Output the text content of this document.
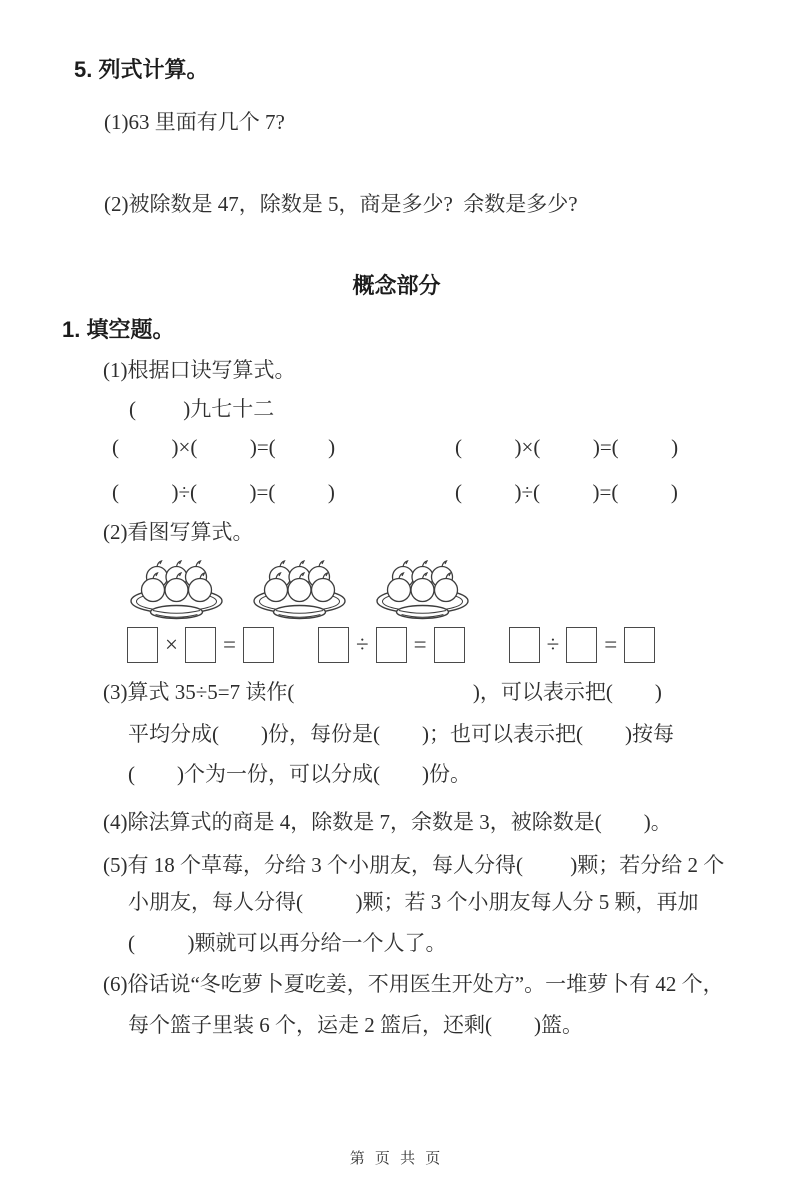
5. 列式计算。
(1)63 里面有几个 7?
(2)被除数是 47，除数是 5，商是多少?  余数是多少?
概念部分
1. 填空题。
(1)根据口诀写算式。
(         )九七十二
(          )×(          )=(          )	(          )×(          )=(          )
(          )÷(          )=(          )	(          )÷(          )=(          )
(2)看图写算式。
× =	÷ =	÷ =
(3)算式 35÷5=7 读作(                                  )，可以表示把(        )
平均分成(        )份，每份是(        )；也可以表示把(        )按每
(        )个为一份，可以分成(        )份。
(4)除法算式的商是 4，除数是 7，余数是 3，被除数是(        )。
(5)有 18 个草莓，分给 3 个小朋友，每人分得(         )颗；若分给 2 个
小朋友，每人分得(          )颗；若 3 个小朋友每人分 5 颗，再加
(          )颗就可以再分给一个人了。
(6)俗话说“冬吃萝卜夏吃姜，不用医生开处方”。一堆萝卜有 42 个，
每个篮子里装 6 个，运走 2 篮后，还剩(        )篮。
第 页 共 页
